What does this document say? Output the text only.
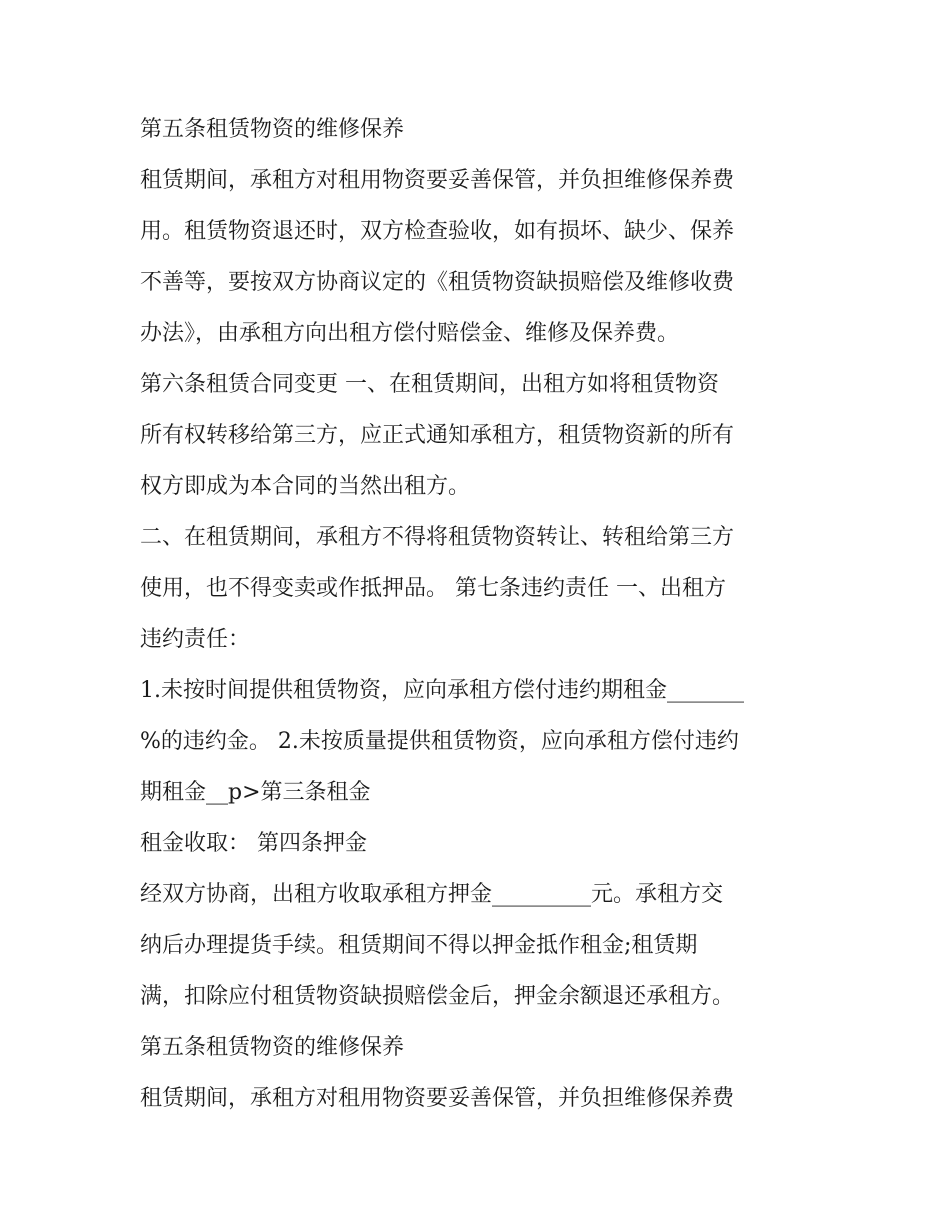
第五条租赁物资的维修保养
租赁期间，承租方对租用物资要妥善保管，并负担维修保养费
用。租赁物资退还时，双方检查验收，如有损坏、缺少、保养
不善等，要按双方协商议定的《租赁物资缺损赔偿及维修收费
办法》，由承租方向出租方偿付赔偿金、维修及保养费。
第六条租赁合同变更 一、在租赁期间，出租方如将租赁物资
所有权转移给第三方，应正式通知承租方，租赁物资新的所有
权方即成为本合同的当然出租方。
二、在租赁期间，承租方不得将租赁物资转让、转租给第三方
使用，也不得变卖或作抵押品。 第七条违约责任 一、出租方
违约责任：
1.未按时间提供租赁物资，应向承租方偿付违约期租金_______
%的违约金。 2.未按质量提供租赁物资，应向承租方偿付违约
期租金__p>第三条租金
租金收取： 第四条押金
经双方协商，出租方收取承租方押金_________元。承租方交
纳后办理提货手续。租赁期间不得以押金抵作租金;租赁期
满，扣除应付租赁物资缺损赔偿金后，押金余额退还承租方。
第五条租赁物资的维修保养
租赁期间，承租方对租用物资要妥善保管，并负担维修保养费
